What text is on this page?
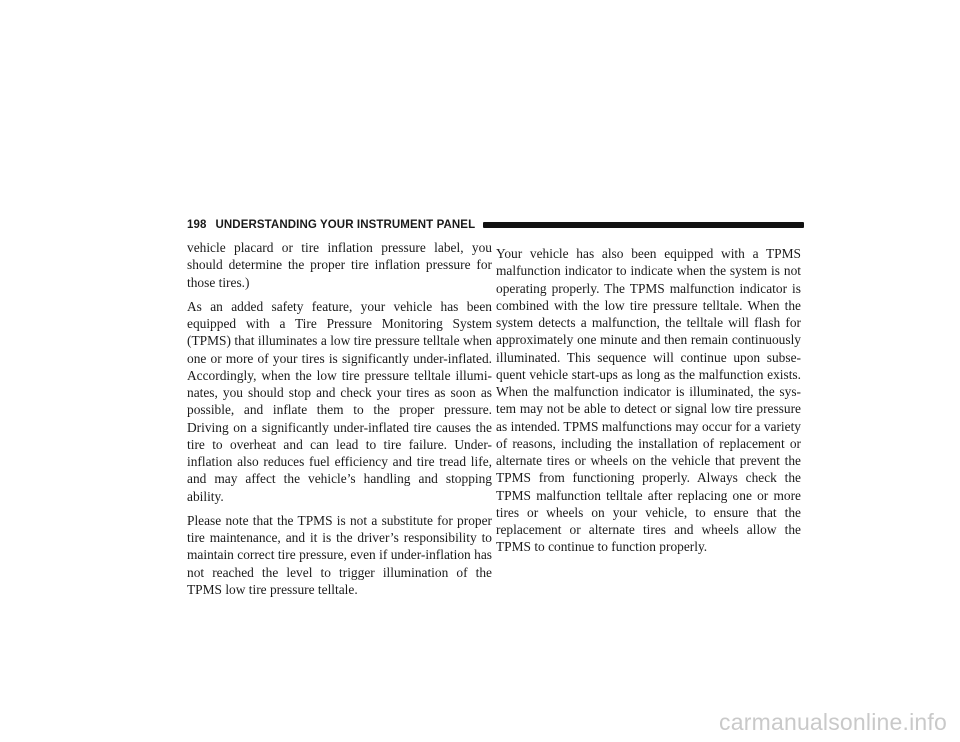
198 UNDERSTANDING YOUR INSTRUMENT PANEL

vehicle placard or tire inflation pressure label, you should determine the proper tire inflation pressure for those tires.)

As an added safety feature, your vehicle has been equipped with a Tire Pressure Monitoring System (TPMS) that illuminates a low tire pressure telltale when one or more of your tires is significantly under-inflated. Accordingly, when the low tire pressure telltale illumi-nates, you should stop and check your tires as soon as possible, and inflate them to the proper pressure. Driving on a significantly under-inflated tire causes the tire to overheat and can lead to tire failure. Under-inflation also reduces fuel efficiency and tire tread life, and may affect the vehicle’s handling and stopping ability.

Please note that the TPMS is not a substitute for proper tire maintenance, and it is the driver’s responsibility to maintain correct tire pressure, even if under-inflation has not reached the level to trigger illumination of the TPMS low tire pressure telltale.

Your vehicle has also been equipped with a TPMS malfunction indicator to indicate when the system is not operating properly. The TPMS malfunction indicator is combined with the low tire pressure telltale. When the system detects a malfunction, the telltale will flash for approximately one minute and then remain continuously illuminated. This sequence will continue upon subse-quent vehicle start-ups as long as the malfunction exists. When the malfunction indicator is illuminated, the sys-tem may not be able to detect or signal low tire pressure as intended. TPMS malfunctions may occur for a variety of reasons, including the installation of replacement or alternate tires or wheels on the vehicle that prevent the TPMS from functioning properly. Always check the TPMS malfunction telltale after replacing one or more tires or wheels on your vehicle, to ensure that the replacement or alternate tires and wheels allow the TPMS to continue to function properly.

carmanualsonline.info
